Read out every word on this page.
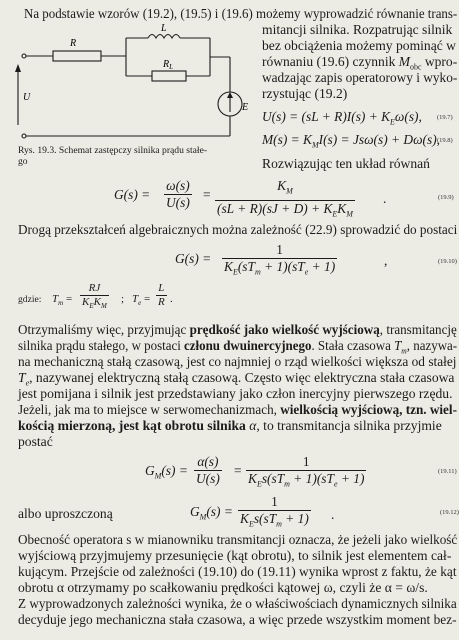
Na podstawie wzorów (19.2), (19.5) i (19.6) możemy wyprowadzić równanie trans-
mitancji silnika. Rozpatrując silnik
bez obciążenia możemy pominąć w
równaniu (19.6) czynnik $M_{obc}$ wpro-
wadzając zapis operatorowy i wyko-
rzystując (19.2)
$U(s) = (sL + R)I(s) + K_E\omega(s)$, (19.7)
$M(s) = K_MI(s) = Js\omega(s) + D\omega(s)$,
(19.8)
Rozwiązując ten układ równań
R
L
$R_L$
U
E
Rys. 19.3. Schemat zastępczy silnika prądu stałe-
go
G(s) =
ω(s)
U(s)
=
$K_M$
$(sL + R)(sJ + D) + K_EK_M$
.	(19.9)
Drogą przekształceń algebraicznych można zależność (22.9) sprowadzić do postaci
G(s) =
1
$K_E(sT_m + 1)(sT_e + 1)$	,	(19.10)
gdzie: $T_m$ =
RJ
$K_EK_M$
; $T_e$ =
L
R .
Otrzymaliśmy więc, przyjmując prędkość jako wielkość wyjściową, transmitancję
silnika prądu stałego, w postaci członu dwuinercyjnego. Stała czasowa $T_m$, nazywa-
na mechaniczną stałą czasową, jest co najmniej o rząd wielkości większa od stałej
$T_e$, nazywanej elektryczną stałą czasową. Często więc elektryczna stała czasowa
jest pomijana i silnik jest przedstawiany jako człon inercyjny pierwszego rzędu.
Jeżeli, jak ma to miejsce w serwomechanizmach, wielkością wyjściową, tzn. wiel-
kością mierzoną, jest kąt obrotu silnika α, to transmitancja silnika przyjmie
postać
$G_M(s)$ =
α(s)
U(s)
=
1
$K_Es(sT_m + 1)(sT_e + 1)$	(19.11)
albo uproszczoną	$G_M(s)$ =
1
$K_Es(sT_m + 1)$ .	(19.12)
Obecność operatora s w mianowniku transmitancji oznacza, że jeżeli jako wielkość
wyjściową przyjmujemy przesunięcie (kąt obrotu), to silnik jest elementem cał-
kującym. Przejście od zależności (19.10) do (19.11) wynika wprost z faktu, że kąt
obrotu α otrzymamy po scałkowaniu prędkości kątowej ω, czyli że α = ω/s.
Z wyprowadzonych zależności wynika, że o właściwościach dynamicznych silnika
decyduje jego mechaniczna stała czasowa, a więc przede wszystkim moment bez-
